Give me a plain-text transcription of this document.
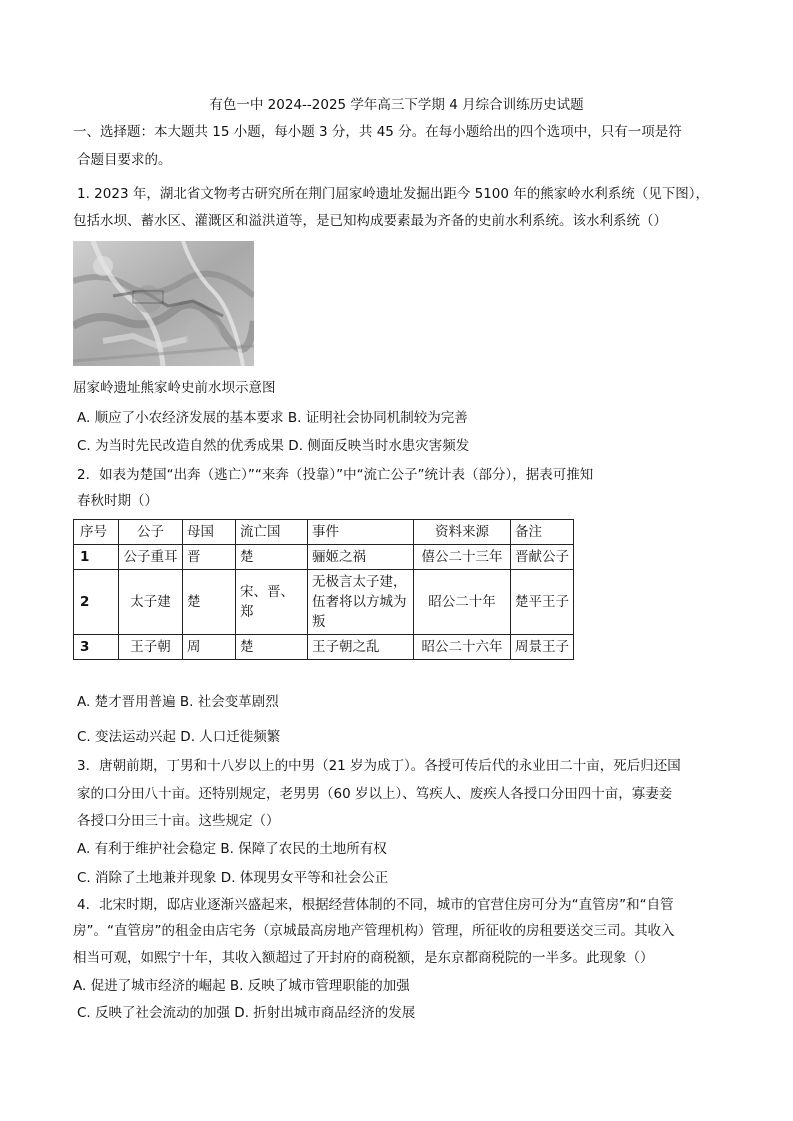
有色一中 2024--2025 学年高三下学期 4 月综合训练历史试题
一、选择题：本大题共 15 小题，每小题 3 分，共 45 分。在每小题给出的四个选项中，只有一项是符
合题目要求的。
1. 2023 年，湖北省文物考古研究所在荆门屈家岭遗址发掘出距今 5100 年的熊家岭水利系统（见下图），
包括水坝、蓄水区、灌溉区和溢洪道等，是已知构成要素最为齐备的史前水利系统。该水利系统（）
屈家岭遗址熊家岭史前水坝示意图
A. 顺应了小农经济发展的基本要求 B. 证明社会协同机制较为完善
C. 为当时先民改造自然的优秀成果 D. 侧面反映当时水患灾害频发
2．如表为楚国“出奔（逃亡）”“来奔（投靠）”中“流亡公子”统计表（部分），据表可推知
春秋时期（）
序号	公子	母国	流亡国	事件	资料来源	备注
1	公子重耳	晋	楚	骊姬之祸	僖公二十三年	晋献公子
2	太子建	楚	宋、晋、郑	无极言太子建，伍奢将以方城为叛	昭公二十年	楚平王子
3	王子朝	周	楚	王子朝之乱	昭公二十六年	周景王子
A. 楚才晋用普遍 B. 社会变革剧烈
C. 变法运动兴起 D. 人口迁徙频繁
3．唐朝前期，丁男和十八岁以上的中男（21 岁为成丁）。各授可传后代的永业田二十亩，死后归还国
家的口分田八十亩。还特别规定，老男男（60 岁以上）、笃疾人、废疾人各授口分田四十亩，寡妻妾
各授口分田三十亩。这些规定（）
A. 有利于维护社会稳定 B. 保障了农民的土地所有权
C. 消除了土地兼并现象 D. 体现男女平等和社会公正
4．北宋时期，邸店业逐渐兴盛起来，根据经营体制的不同，城市的官营住房可分为“直管房”和“自管
房”。“直管房”的租金由店宅务（京城最高房地产管理机构）管理，所征收的房租要送交三司。其收入
相当可观，如熙宁十年，其收入额超过了开封府的商税额，是东京都商税院的一半多。此现象（）
A. 促进了城市经济的崛起 B. 反映了城市管理职能的加强
C. 反映了社会流动的加强 D. 折射出城市商品经济的发展
